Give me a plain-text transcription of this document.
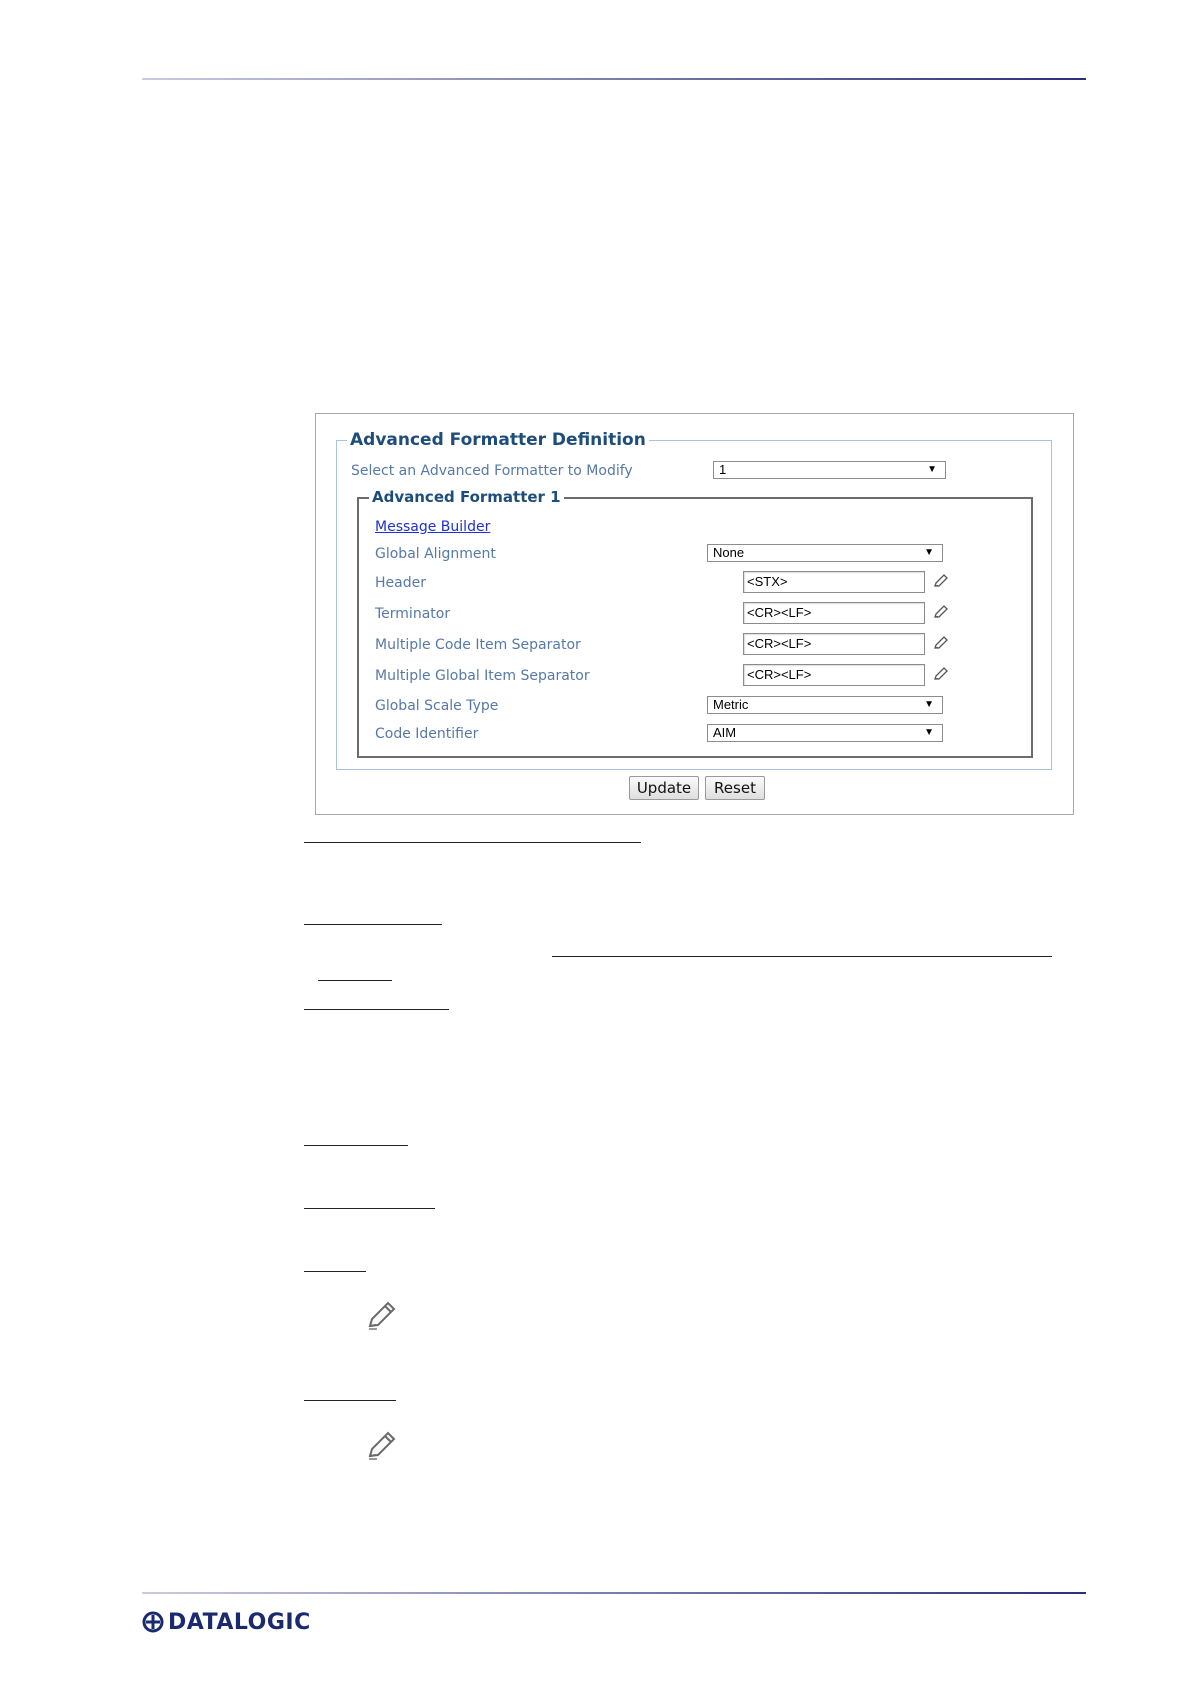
Advanced Formatter Definition
Select an Advanced Formatter to Modify	1	▼
Advanced Formatter 1
Message Builder
Global Alignment	None	▼
Header	<STX>
Terminator	<CR><LF>
Multiple Code Item Separator	<CR><LF>
Multiple Global Item Separator	<CR><LF>
Global Scale Type	Metric	▼
Code Identifier	AIM	▼
Update	Reset
DATALOGIC
